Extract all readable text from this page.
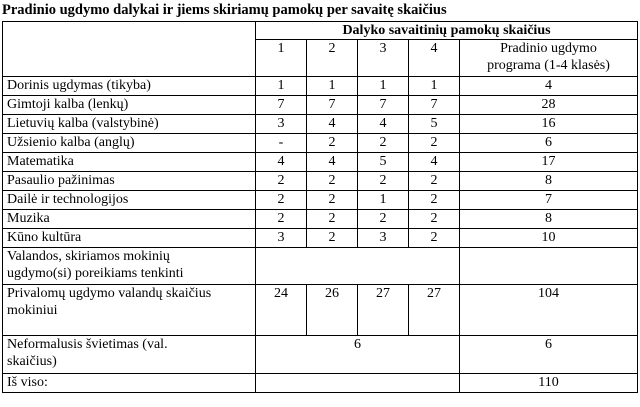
Pradinio ugdymo dalykai ir jiems skiriamų pamokų per savaitę skaičius
	Dalyko savaitinių pamokų skaičius				
	1	2	3	4	Pradinio ugdymo
programa (1-4 klasės)
Dorinis ugdymas (tikyba)	1	1	1	1	4
Gimtoji kalba (lenkų)	7	7	7	7	28
Lietuvių kalba (valstybinė)	3	4	4	5	16
Užsienio kalba (anglų)	-	2	2	2	6
Matematika	4	4	5	4	17
Pasaulio pažinimas	2	2	2	2	8
Dailė ir technologijos	2	2	1	2	7
Muzika	2	2	2	2	8
Kūno kultūra	3	2	3	2	10
Valandos, skiriamos mokinių
ugdymo(si) poreikiams tenkinti					
Privalomų ugdymo valandų skaičius
mokiniui	24	26	27	27	104
Neformalusis švietimas (val.
skaičius)	6				6
Iš viso:					110
